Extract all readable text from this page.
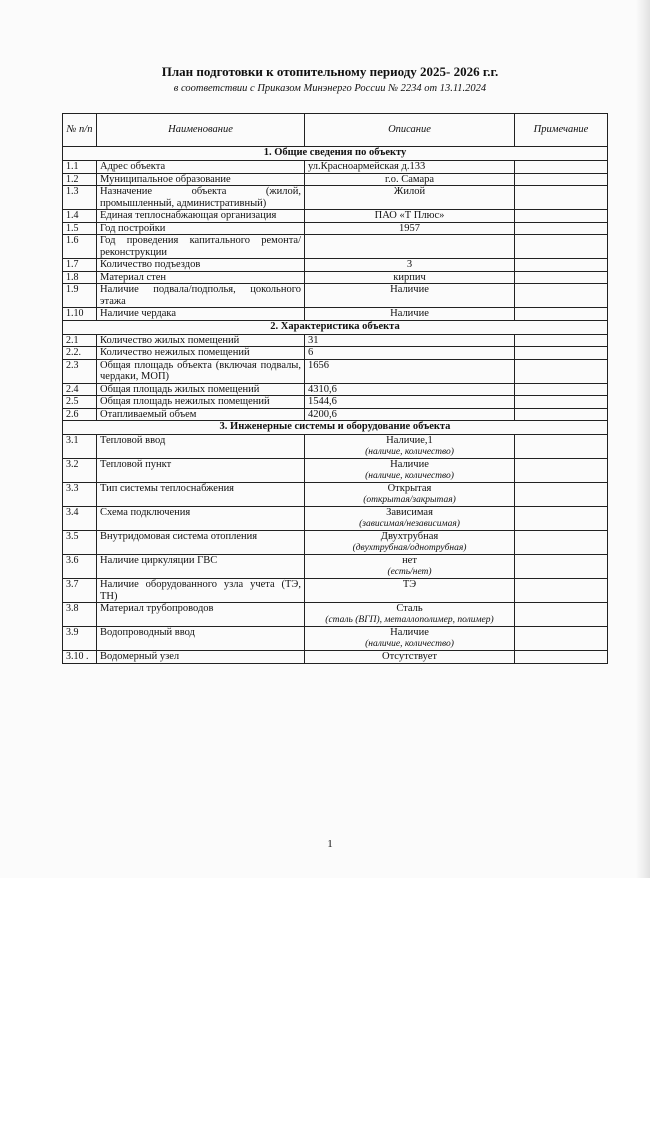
План подготовки к отопительному периоду 2025- 2026 г.г.
в соответствии с Приказом Минэнерго России № 2234 от 13.11.2024
№ п/п	Наименование	Описание	Примечание
1. Общие сведения по объекту			
1.1	Адрес объекта	ул.Красноармейская д.133	
1.2	Муниципальное образование	г.о. Самара	
1.3	Назначение объекта (жилой, промышленный, административный)	Жилой	
1.4	Единая теплоснабжающая организация	ПАО «Т Плюс»	
1.5	Год постройки	1957	
1.6	Год проведения капитального ремонта/реконструкции		
1.7	Количество подъездов	3	
1.8	Материал стен	кирпич	
1.9	Наличие подвала/подполья, цокольного этажа	Наличие	
1.10	Наличие чердака	Наличие	
2. Характеристика объекта			
2.1	Количество жилых помещений	31	
2.2.	Количество нежилых помещений	6	
2.3	Общая площадь объекта (включая подвалы, чердаки, МОП)	1656	
2.4	Общая площадь жилых помещений	4310,6	
2.5	Общая площадь нежилых помещений	1544,6	
2.6	Отапливаемый объем	4200,6	
3. Инженерные системы и оборудование объекта			
3.1	Тепловой ввод	Наличие,1
(наличие, количество)	

3.2	Тепловой пункт	Наличие
(наличие, количество)	

3.3	Тип системы теплоснабжения	Открытая
(открытая/закрытая)	

3.4	Схема подключения	Зависимая
(зависимая/независимая)	

3.5	Внутридомовая система отопления	Двухтрубная
(двухтрубная/однотрубная)	

3.6	Наличие циркуляции ГВС	нет
(есть/нет)	

3.7	Наличие оборудованного узла учета (ТЭ, ТН)	ТЭ	
3.8	Материал трубопроводов	Сталь
(сталь (ВГП), металлополимер, полимер)	

3.9	Водопроводный ввод	Наличие
(наличие, количество)	

3.10 .	Водомерный узел	Отсутствует	
1
